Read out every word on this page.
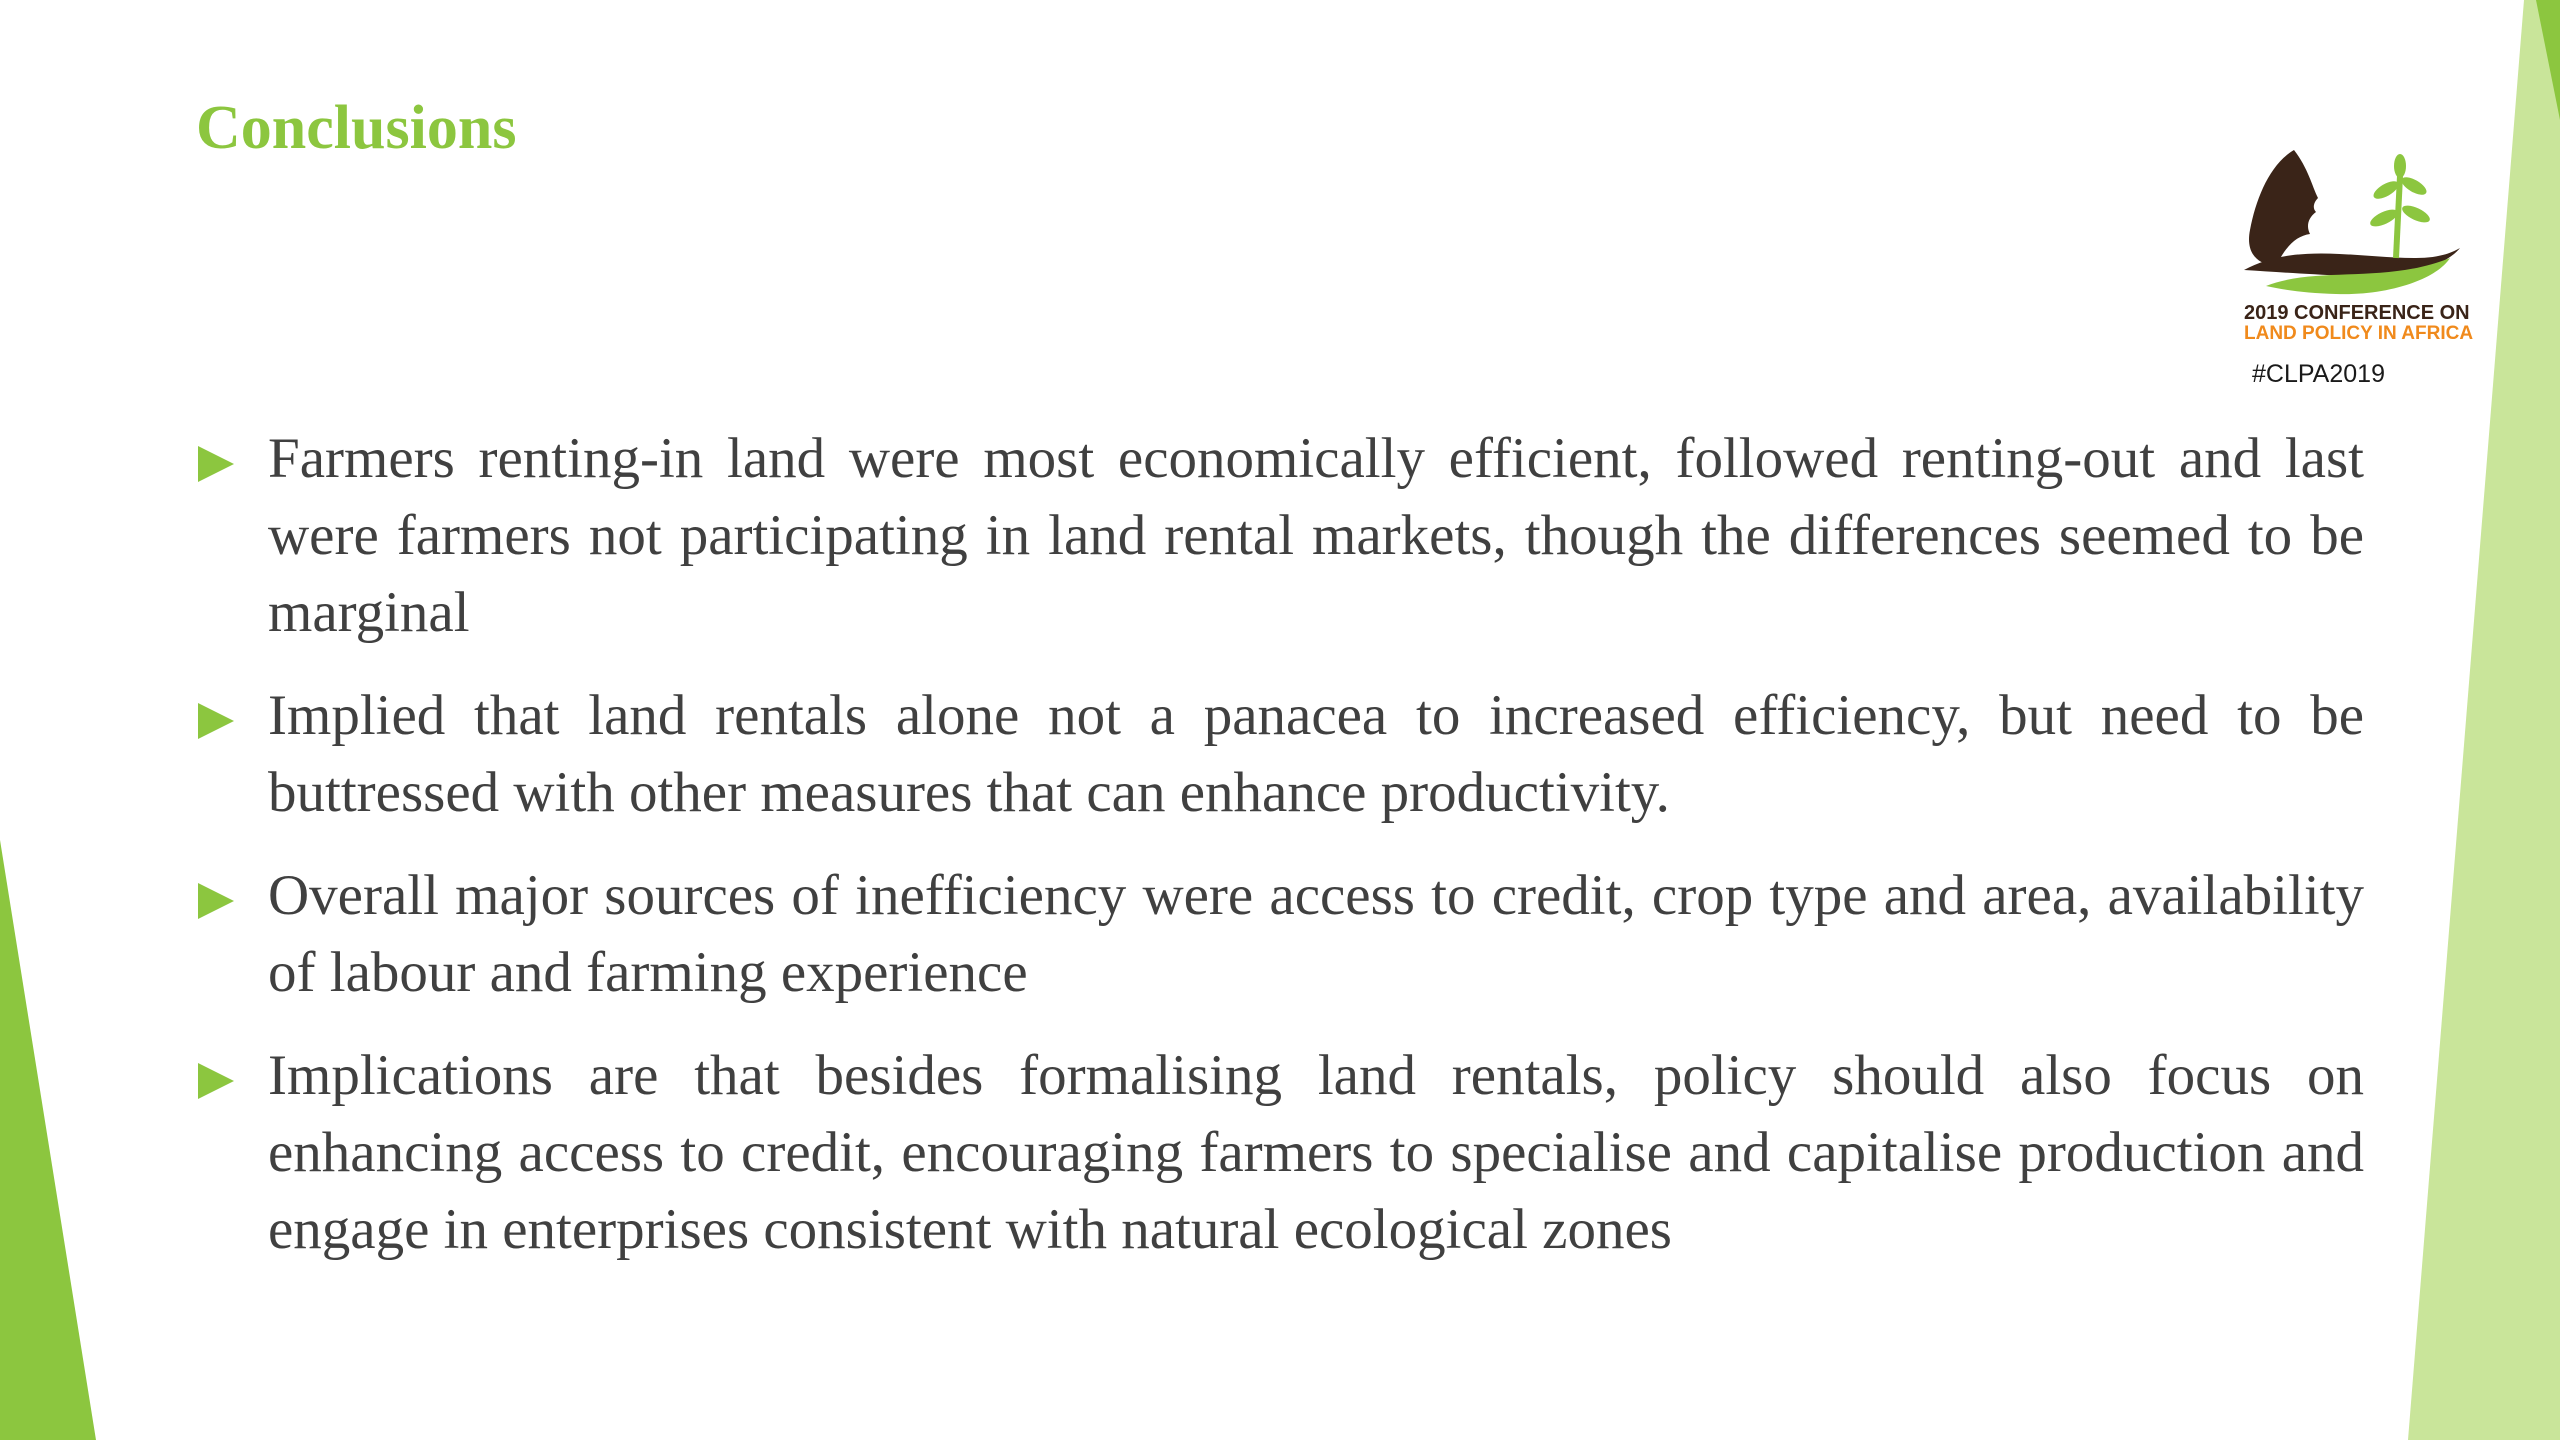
Conclusions
2019 CONFERENCE ON
LAND POLICY IN AFRICA
#CLPA2019
Farmers renting-in land were most economically efficient, followed renting-out and last were farmers not participating in land rental markets, though the differences seemed to be marginal
Implied that land rentals alone not a panacea to increased efficiency, but need to be buttressed with other measures that can enhance productivity.
Overall major sources of inefficiency were access to credit, crop type and area, availability of labour and farming experience
Implications are that besides formalising land rentals, policy should also focus on enhancing access to credit, encouraging farmers to specialise and capitalise production and engage in enterprises consistent with natural ecological zones
